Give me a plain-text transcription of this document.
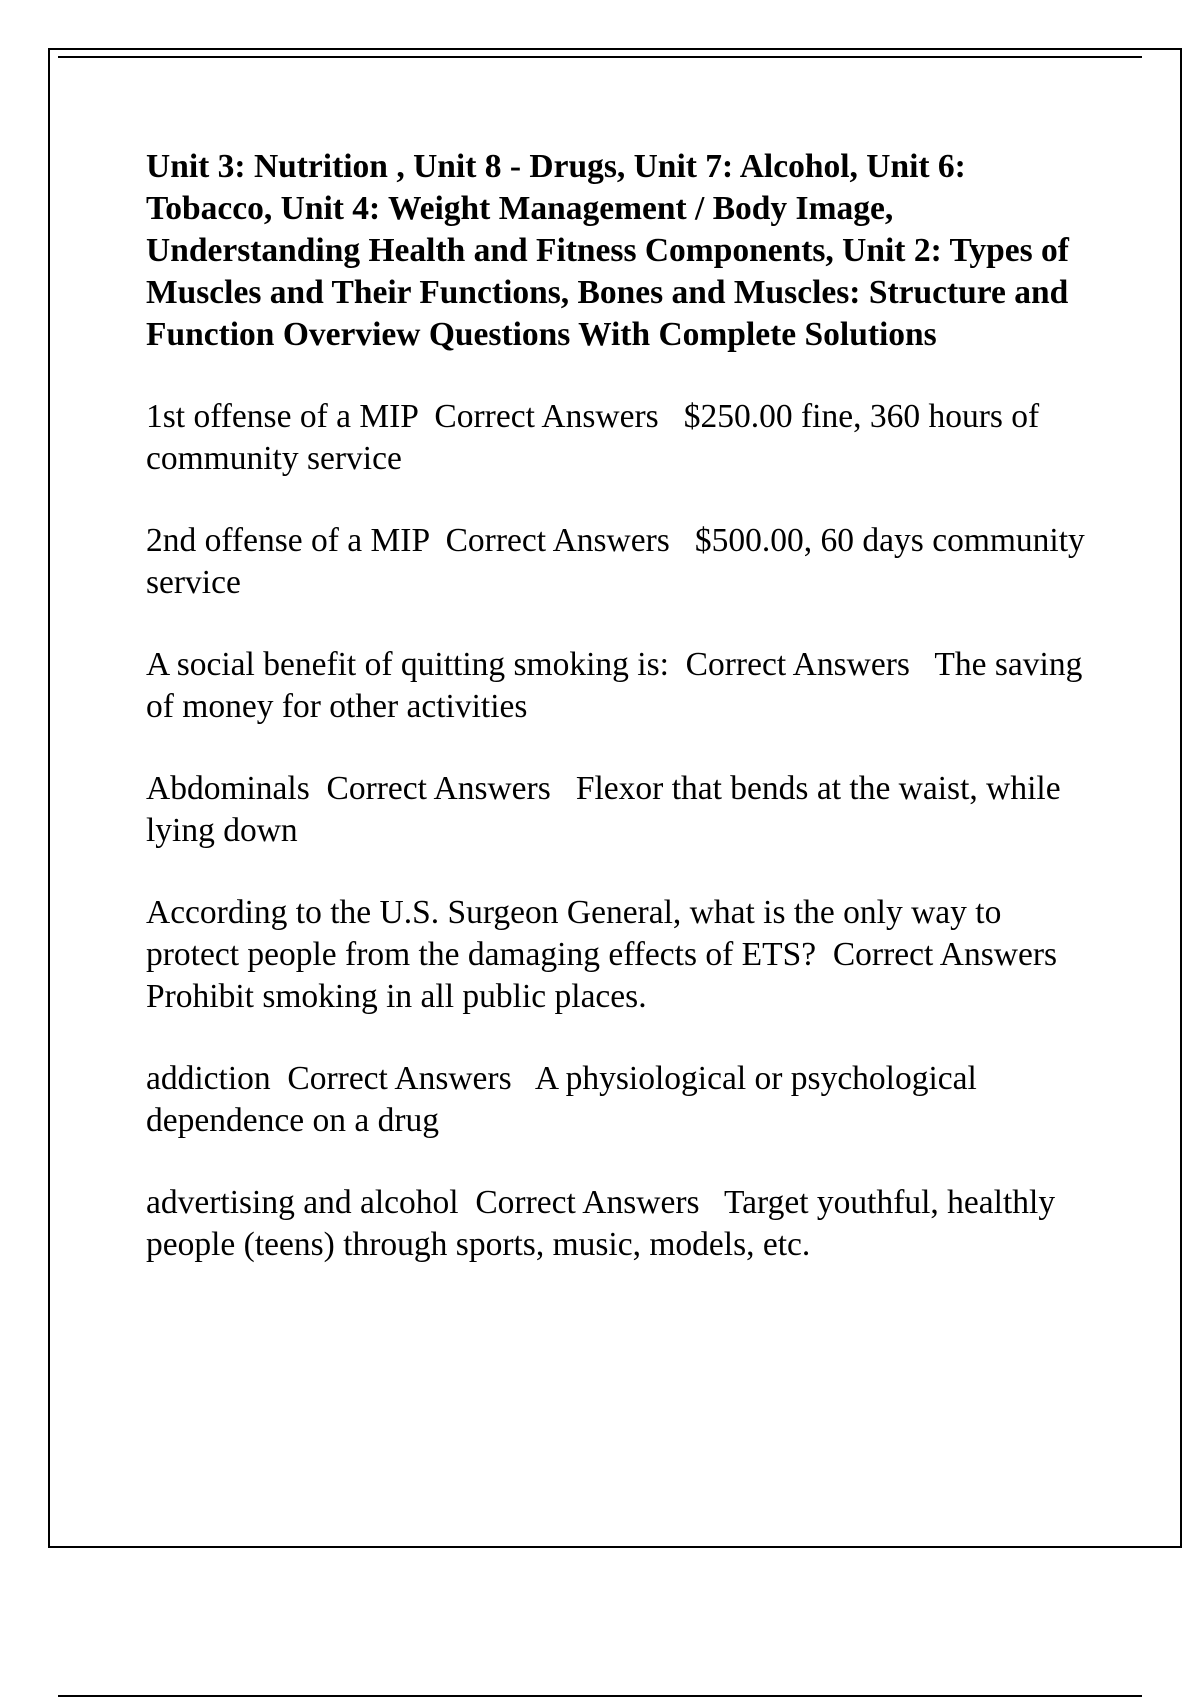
Unit 3: Nutrition , Unit 8 - Drugs, Unit 7: Alcohol, Unit 6: Tobacco, Unit 4: Weight Management / Body Image, Understanding Health and Fitness Components, Unit 2: Types of Muscles and Their Functions, Bones and Muscles: Structure and Function Overview Questions With Complete Solutions

1st offense of a MIP  Correct Answers   $250.00 fine, 360 hours of community service

2nd offense of a MIP  Correct Answers   $500.00, 60 days community service

A social benefit of quitting smoking is:  Correct Answers   The saving of money for other activities

Abdominals  Correct Answers   Flexor that bends at the waist, while lying down

According to the U.S. Surgeon General, what is the only way to protect people from the damaging effects of ETS?  Correct Answers   Prohibit smoking in all public places.

addiction  Correct Answers   A physiological or psychological dependence on a drug

advertising and alcohol  Correct Answers   Target youthful, healthly people (teens) through sports, music, models, etc.
